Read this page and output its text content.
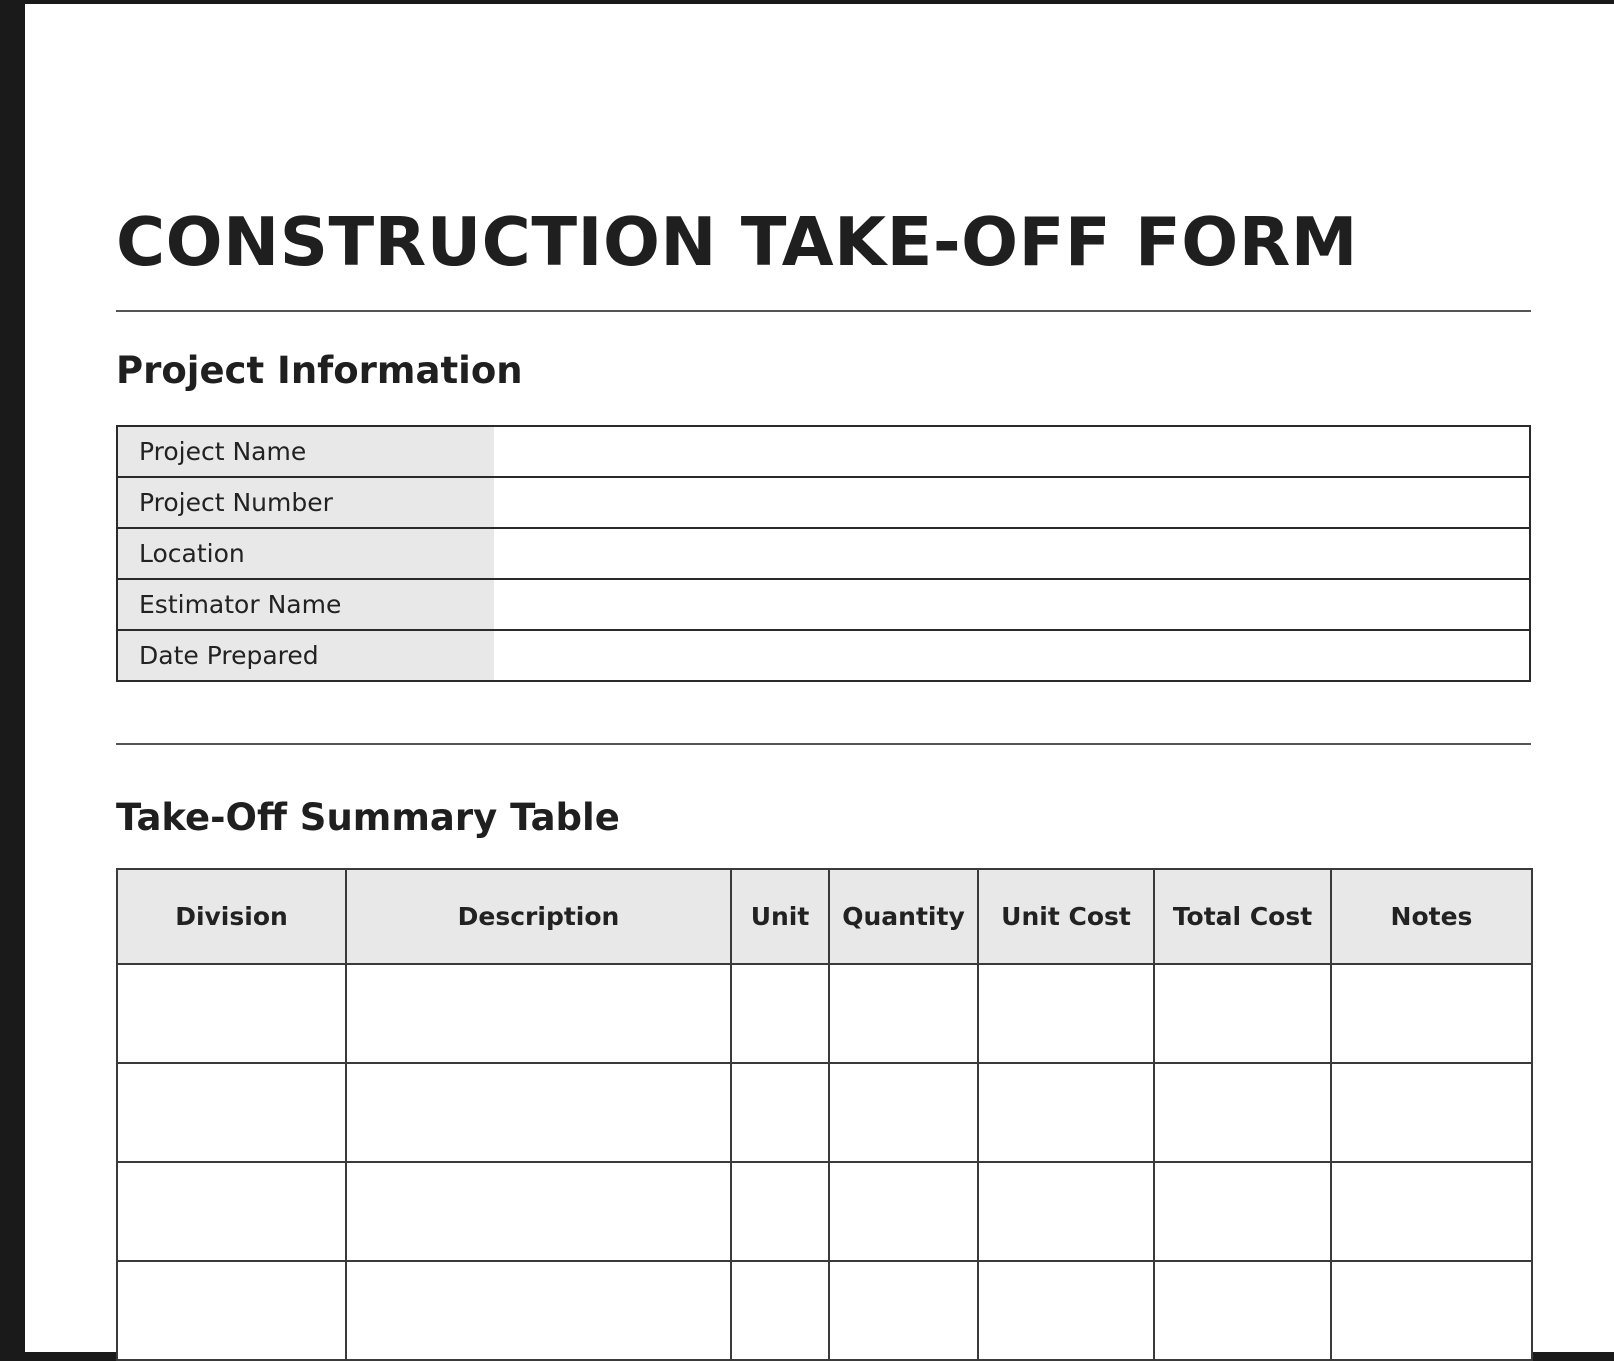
CONSTRUCTION TAKE-OFF FORM
Project Information
Project Name	
Project Number	
Location	
Estimator Name	
Date Prepared	
Take-Off Summary Table
Division	Description	Unit	Quantity	Unit Cost	Total Cost	Notes
